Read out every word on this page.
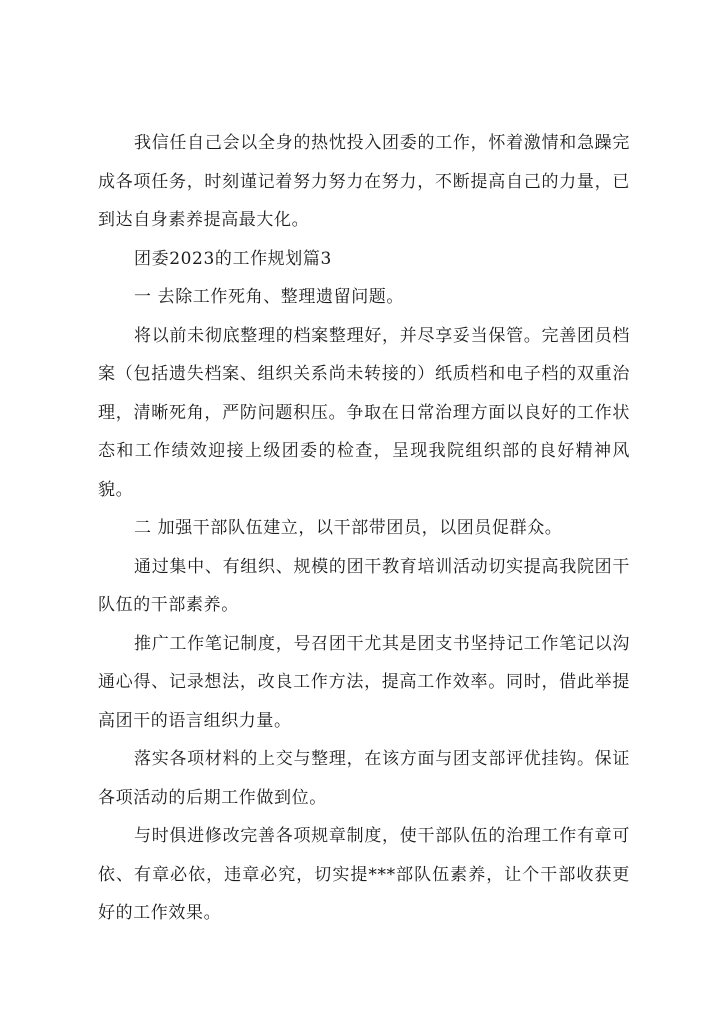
我信任自己会以全身的热忱投入团委的工作，怀着激情和急躁完成各项任务，时刻谨记着努力努力在努力，不断提高自己的力量，已到达自身素养提高最大化。

团委2023的工作规划篇3

一 去除工作死角、整理遗留问题。

将以前未彻底整理的档案整理好，并尽享妥当保管。完善团员档案（包括遗失档案、组织关系尚未转接的）纸质档和电子档的双重治理，清晰死角，严防问题积压。争取在日常治理方面以良好的工作状态和工作绩效迎接上级团委的检查，呈现我院组织部的良好精神风貌。

二 加强干部队伍建立，以干部带团员，以团员促群众。

通过集中、有组织、规模的团干教育培训活动切实提高我院团干队伍的干部素养。

推广工作笔记制度，号召团干尤其是团支书坚持记工作笔记以沟通心得、记录想法，改良工作方法，提高工作效率。同时，借此举提高团干的语言组织力量。

落实各项材料的上交与整理，在该方面与团支部评优挂钩。保证各项活动的后期工作做到位。

与时俱进修改完善各项规章制度，使干部队伍的治理工作有章可依、有章必依，违章必究，切实提***部队伍素养，让个干部收获更好的工作效果。
